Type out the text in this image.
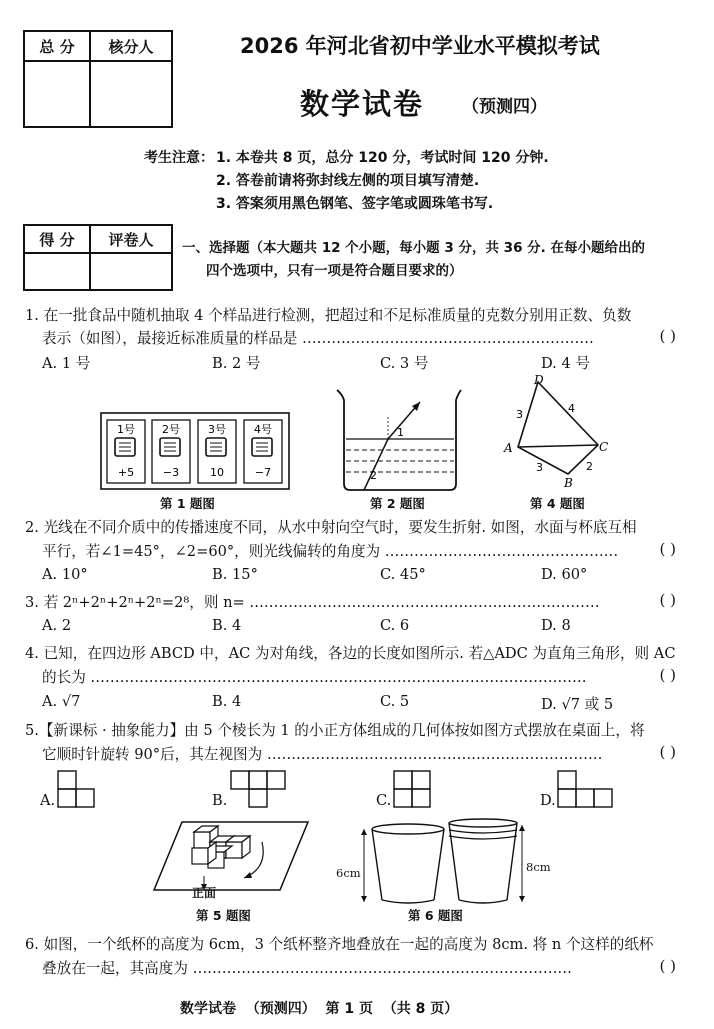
总 分	核分人
		2026 年河北省初中学业水平模拟考试
数学试卷 （预测四）
考生注意： 1. 本卷共 8 页，总分 120 分，考试时间 120 分钟.
2. 答卷前请将弥封线左侧的项目填写清楚.
3. 答案须用黑色钢笔、签字笔或圆珠笔书写.
得 分	评卷人
	一、选择题（本大题共 12 个小题，每小题 3 分，共 36 分. 在每小题给出的
四个选项中，只有一项是符合题目要求的）
1. 在一批食品中随机抽取 4 个样品进行检测，把超过和不足标准质量的克数分别用正数、负数
表示（如图），最接近标准质量的样品是 ……………………………………………………	( )
A. 1 号	B. 2 号	C. 3 号	D. 4 号
1号 2号	3号	4号
+5	−3	10	−7
第 1 题图
1
2
第 2 题图
D
A	C
B
3	4
3	2
第 4 题图
2. 光线在不同介质中的传播速度不同，从水中射向空气时，要发生折射. 如图，水面与杯底互相
平行，若∠1=45°，∠2=60°，则光线偏转的角度为 …………………………………………	( )
A. 10°	B. 15°	C. 45°	D. 60°
3. 若 2ⁿ+2ⁿ+2ⁿ+2ⁿ=2⁸，则 n= ………………………………………………………………	( )
A. 2	B. 4	C. 6	D. 8
4. 已知，在四边形 ABCD 中，AC 为对角线，各边的长度如图所示. 若△ADC 为直角三角形，则 AC
的长为 …………………………………………………………………………………………	( )
A. √7	B. 4	C. 5	D. √7 或 5
5.【新课标 · 抽象能力】由 5 个棱长为 1 的小正方体组成的几何体按如图方式摆放在桌面上，将
它顺时针旋转 90°后，其左视图为 ……………………………………………………………	( )
A.	B.	C.	D.
正面
第 5 题图
6cm	8cm
第 6 题图
6. 如图，一个纸杯的高度为 6cm，3 个纸杯整齐地叠放在一起的高度为 8cm. 将 n 个这样的纸杯
叠放在一起，其高度为 ……………………………………………………………………	( )
数学试卷  （预测四）  第 1 页  （共 8 页）
